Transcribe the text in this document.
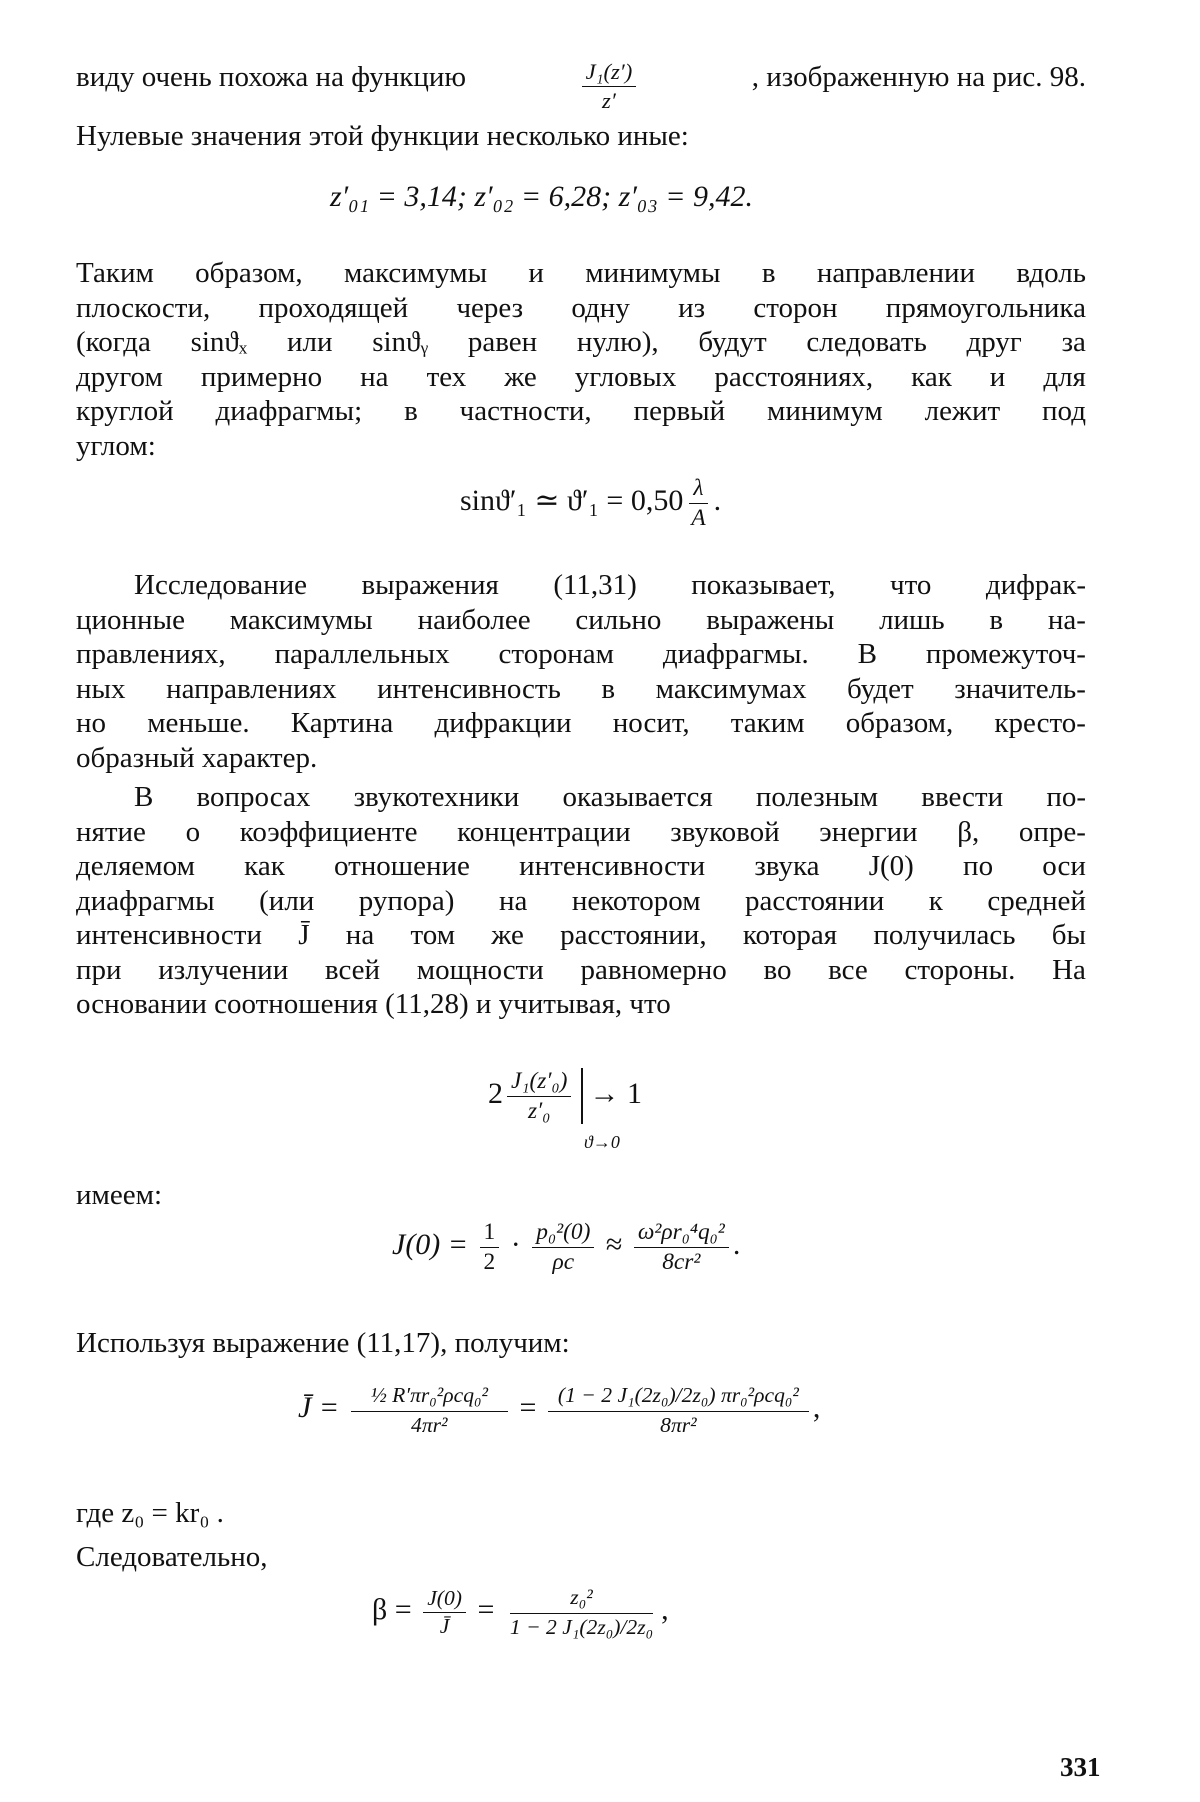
виду очень похожа на функцию	$\frac{\text{J₁(z′)}}{z'}$	, изображенную на рис. 98.
Нулевые значения этой функции несколько иные:
z′₀₁ = 3,14; z′₀₂ = 6,28; z′₀₃ = 9,42.
Таким образом, максимумы и минимумы в направлении вдоль
плоскости, проходящей через одну из сторон прямоугольника
(когда sinϑₓ или sinϑᵧ равен нулю), будут следовать друг за
другом примерно на тех же угловых расстояниях, как и для
круглой диафрагмы; в частности, первый минимум лежит под
углом:
sinϑ′₁ ≃ $ϑ'_1 = 0,50 \frac{\lambda}{A}$ .
Исследование выражения (11,31) показывает, что дифрак-
ционные максимумы наиболее сильно выражены лишь в на-
правлениях, параллельных сторонам диафрагмы. В промежуточ-
ных направлениях интенсивность в максимумах будет значитель-
но меньше. Картина дифракции носит, таким образом, кресто-
образный характер.
В вопросах звукотехники оказывается полезным ввести по-
нятие о коэффициенте концентрации звуковой энергии β, опре-
деляемом как отношение интенсивности звука J(0) по оси
диафрагмы (или рупора) на некотором расстоянии к средней
интенсивности J̄ на том же расстоянии, которая получилась бы
при излучении всей мощности равномерно во все стороны. На
основании соотношения (11,28) и учитывая, что
$2 \frac{\text{J₁(z′₀)}}{\text{z′₀}} \to 1$
ϑ→0
имеем:
$J(0) = \frac{1}{2} \cdot \frac{\text{p₀²(0)}}{\rho c} \approx \frac{\text{ω²ρr₀⁴q₀²}}{\text{8cr²}}$ .
Используя выражение (11,17), получим:
J̄ = $\frac{\text{½ R′πr₀²ρcq₀²}}{\text{4πr²}} = \frac{\text{(1 − 2 J₁(2z₀)/2z₀) πr₀²ρcq₀²}}{\text{8πr²}}$ ,
где z₀ = kr₀ .
Следовательно,
$\beta = \frac{J(0)}{J̄} = \frac{\text{z₀²}}{\text{1 − 2 J₁(2z₀)/2z₀}}$ ,
331
